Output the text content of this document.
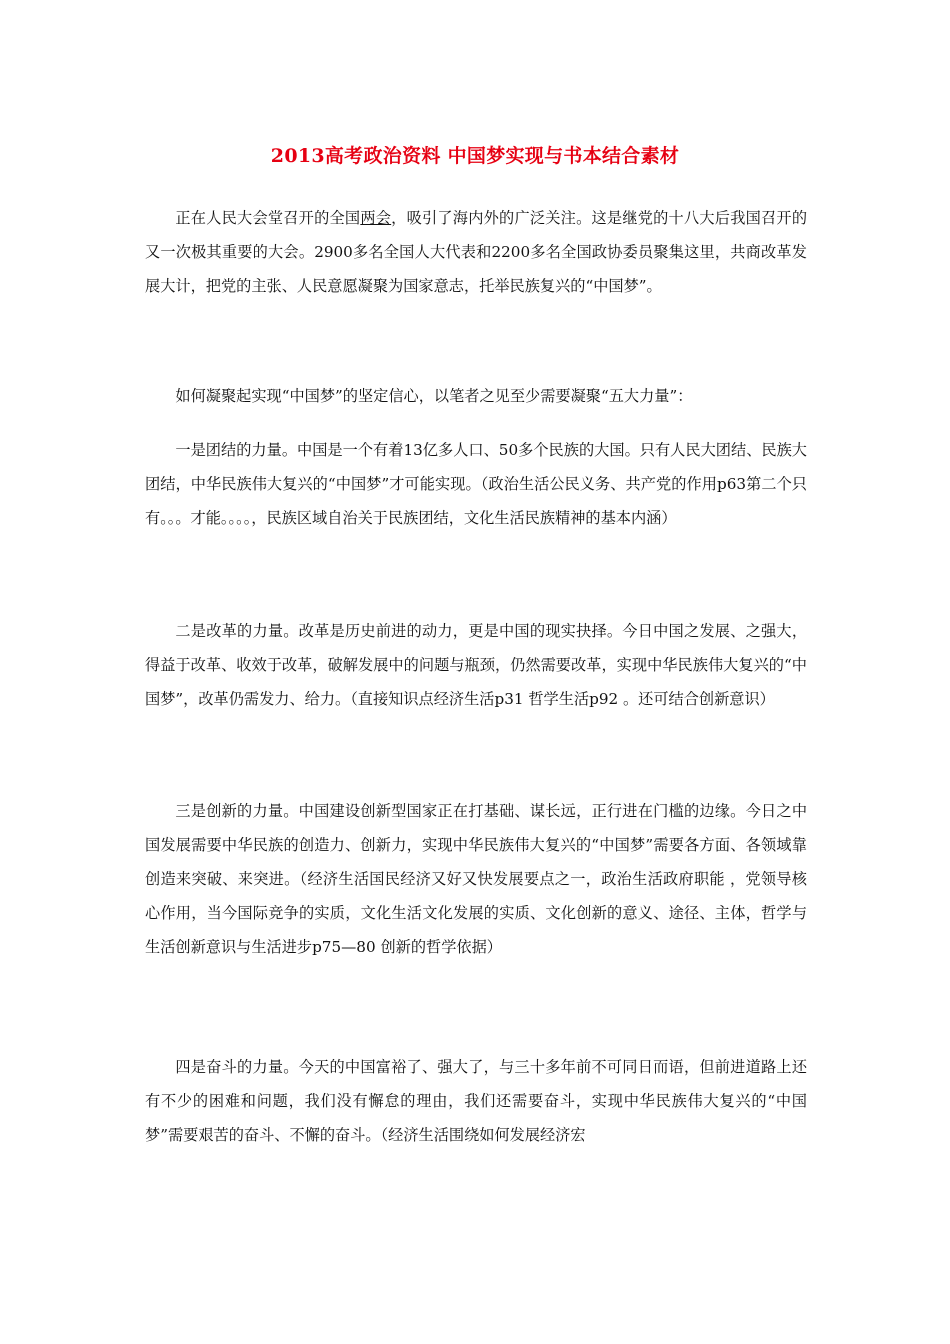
2013高考政治资料 中国梦实现与书本结合素材

正在人民大会堂召开的全国两会，吸引了海内外的广泛关注。这是继党的十八大后我国召开的又一次极其重要的大会。2900多名全国人大代表和2200多名全国政协委员聚集这里，共商改革发展大计，把党的主张、人民意愿凝聚为国家意志，托举民族复兴的“中国梦”。

如何凝聚起实现“中国梦”的坚定信心，以笔者之见至少需要凝聚“五大力量”：

一是团结的力量。中国是一个有着13亿多人口、50多个民族的大国。只有人民大团结、民族大团结，中华民族伟大复兴的“中国梦”才可能实现。（政治生活公民义务、共产党的作用p63第二个只有。。。才能。。。。，民族区域自治关于民族团结，文化生活民族精神的基本内涵）

二是改革的力量。改革是历史前进的动力，更是中国的现实抉择。今日中国之发展、之强大，得益于改革、收效于改革，破解发展中的问题与瓶颈，仍然需要改革，实现中华民族伟大复兴的“中国梦”，改革仍需发力、给力。（直接知识点经济生活p31 哲学生活p92 。还可结合创新意识）

三是创新的力量。中国建设创新型国家正在打基础、谋长远，正行进在门槛的边缘。今日之中国发展需要中华民族的创造力、创新力，实现中华民族伟大复兴的“中国梦”需要各方面、各领域靠创造来突破、来突进。（经济生活国民经济又好又快发展要点之一，政治生活政府职能 ，党领导核心作用，当今国际竞争的实质，文化生活文化发展的实质、文化创新的意义、途径、主体，哲学与生活创新意识与生活进步p75—80 创新的哲学依据）

四是奋斗的力量。今天的中国富裕了、强大了，与三十多年前不可同日而语，但前进道路上还有不少的困难和问题，我们没有懈怠的理由，我们还需要奋斗，实现中华民族伟大复兴的“中国梦”需要艰苦的奋斗、不懈的奋斗。（经济生活围绕如何发展经济宏
